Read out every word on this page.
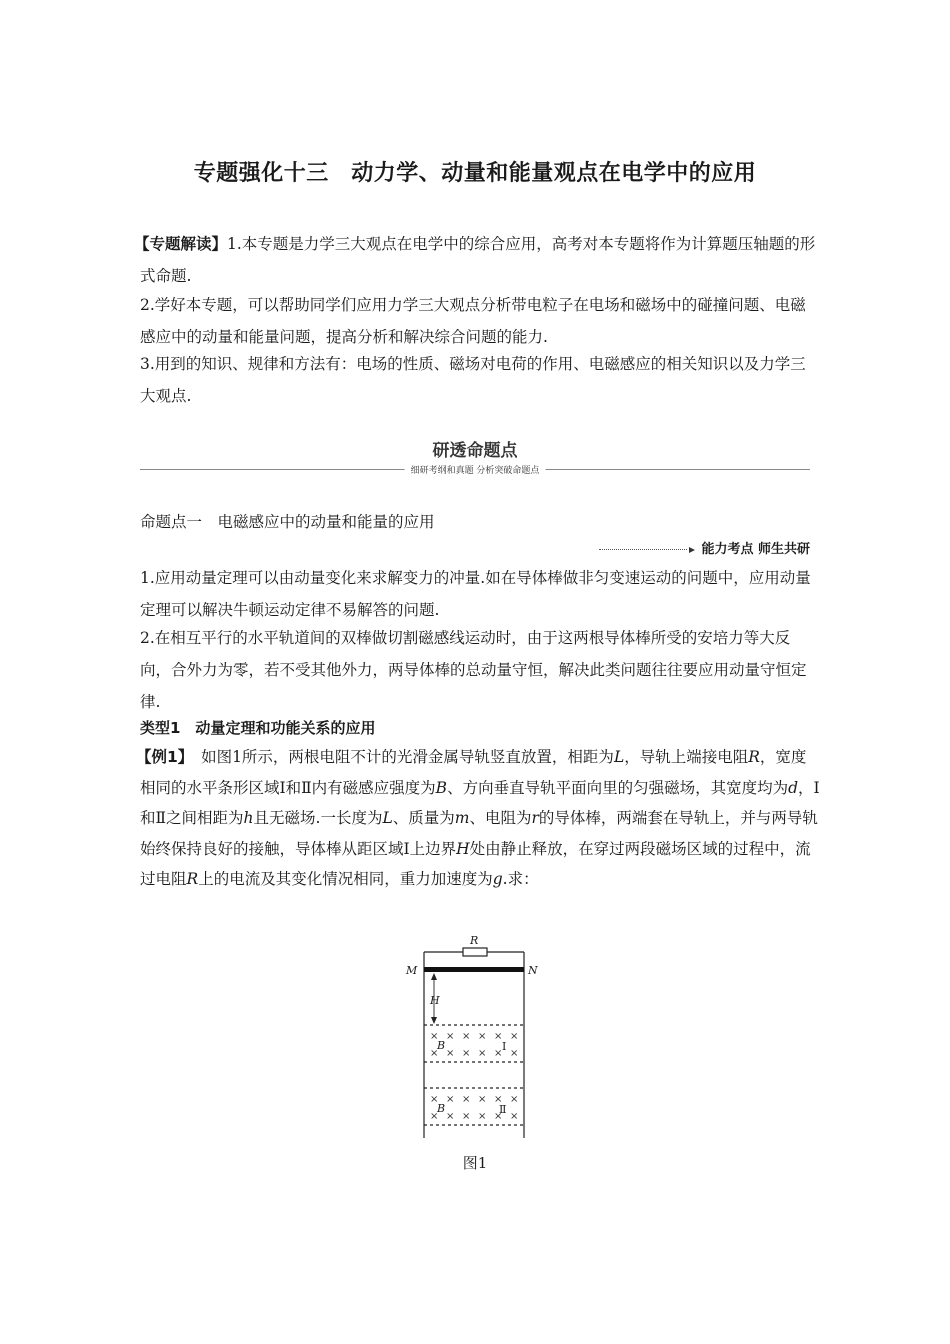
专题强化十三　动力学、动量和能量观点在电学中的应用
【专题解读】1.本专题是力学三大观点在电学中的综合应用，高考对本专题将作为计算题压轴题的形式命题.
2.学好本专题，可以帮助同学们应用力学三大观点分析带电粒子在电场和磁场中的碰撞问题、电磁感应中的动量和能量问题，提高分析和解决综合问题的能力.
3.用到的知识、规律和方法有：电场的性质、磁场对电荷的作用、电磁感应的相关知识以及力学三大观点.
研透命题点
细研考纲和真题 分析突破命题点
命题点一　电磁感应中的动量和能量的应用
能力考点 师生共研
1.应用动量定理可以由动量变化来求解变力的冲量.如在导体棒做非匀变速运动的问题中，应用动量定理可以解决牛顿运动定律不易解答的问题.
2.在相互平行的水平轨道间的双棒做切割磁感线运动时，由于这两根导体棒所受的安培力等大反向，合外力为零，若不受其他外力，两导体棒的总动量守恒，解决此类问题往往要应用动量守恒定律.
类型1　动量定理和功能关系的应用
【例1】　 如图1所示，两根电阻不计的光滑金属导轨竖直放置，相距为L，导轨上端接电阻R，宽度相同的水平条形区域Ⅰ和Ⅱ内有磁感应强度为B、方向垂直导轨平面向里的匀强磁场，其宽度均为d，Ⅰ和Ⅱ之间相距为h且无磁场.一长度为L、质量为m、电阻为r的导体棒，两端套在导轨上，并与两导轨始终保持良好的接触，导体棒从距区域Ⅰ上边界H处由静止释放，在穿过两段磁场区域的过程中，流过电阻R上的电流及其变化情况相同，重力加速度为g.求：
× × × × × ×
× × × × × ×
× × × × × ×
× × × × × ×
R
M	N
H
B
B
Ⅰ
Ⅱ
图1
